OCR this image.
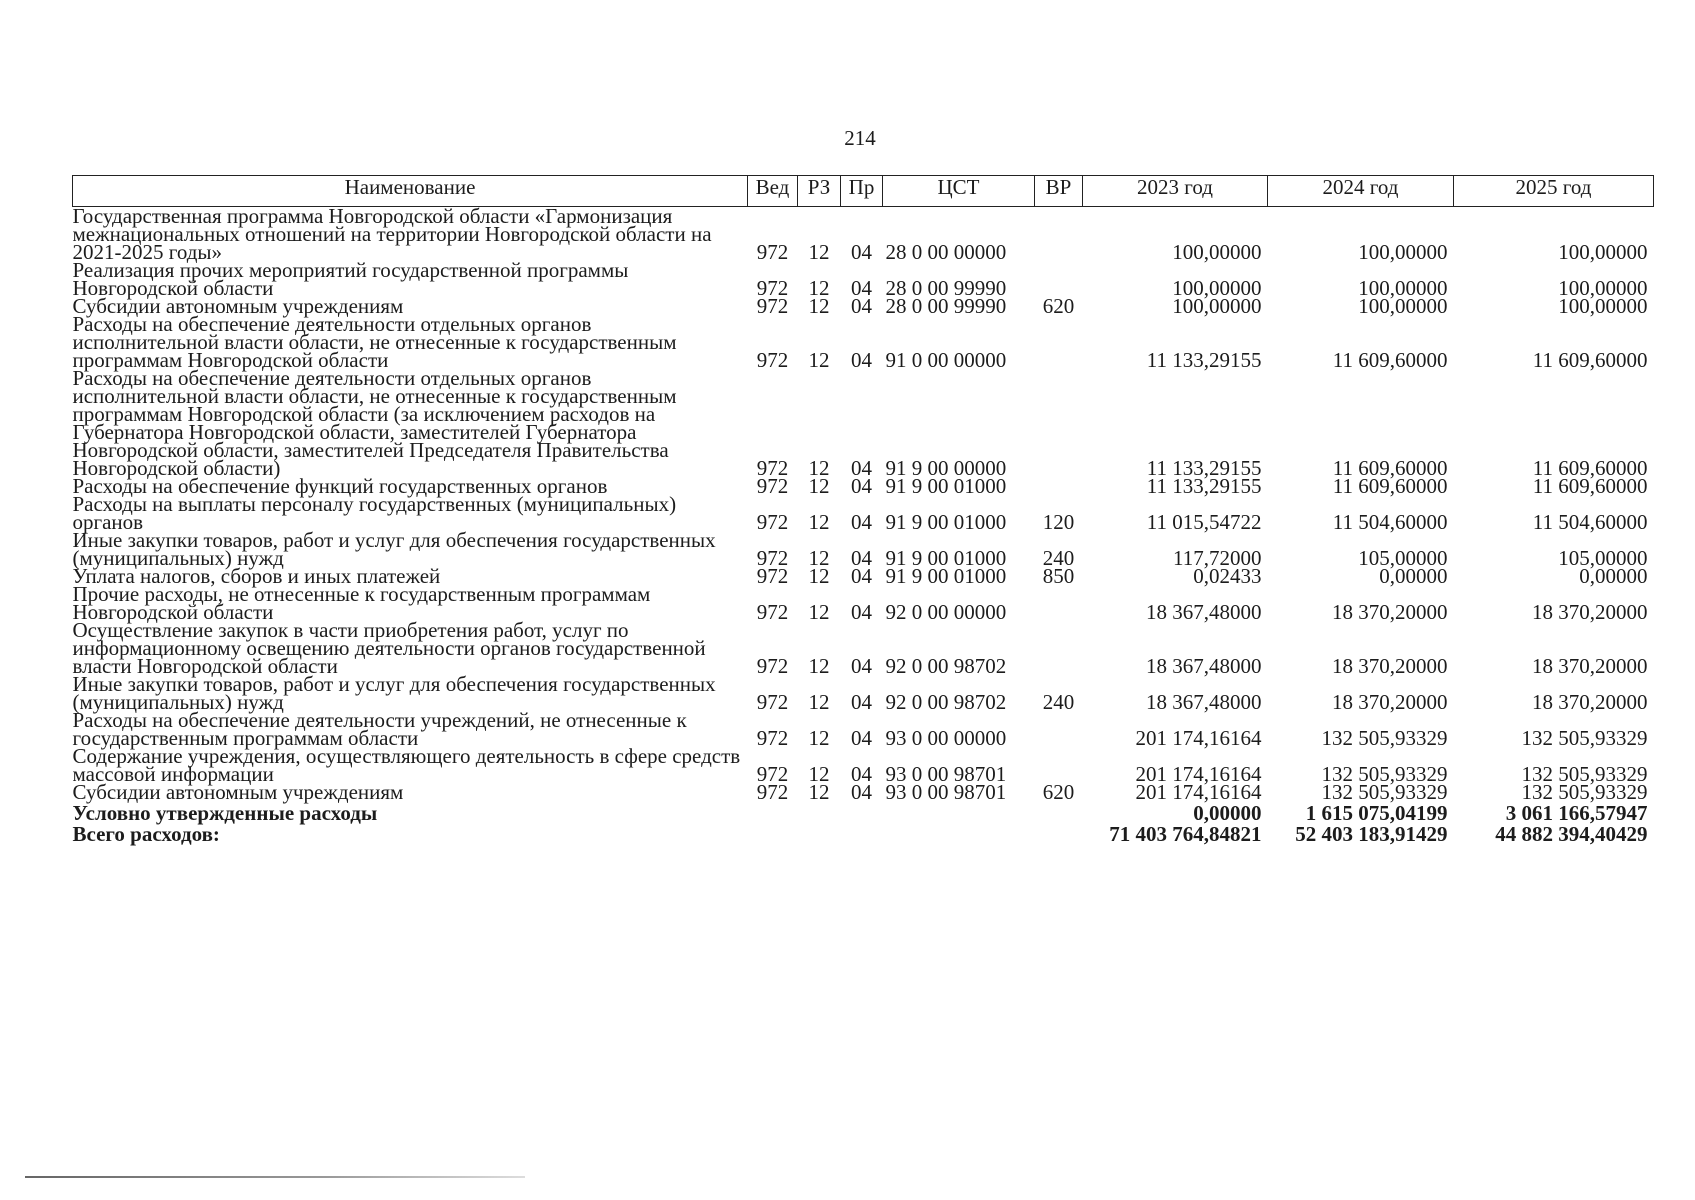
214
Наименование	Вед	РЗ	Пр	ЦСТ	ВР	2023 год	2024 год	2025 год
Государственная программа Новгородской области «Гармонизация межнациональных отношений на территории Новгородской области на 2021-2025 годы»	972	12	04	28 0 00 00000		100,00000	100,00000	100,00000
Реализация прочих мероприятий государственной программы Новгородской области	972	12	04	28 0 00 99990		100,00000	100,00000	100,00000
Субсидии автономным учреждениям	972	12	04	28 0 00 99990	620	100,00000	100,00000	100,00000
Расходы на обеспечение деятельности отдельных органов исполнительной власти области, не отнесенные к государственным программам Новгородской области	972	12	04	91 0 00 00000		11 133,29155	11 609,60000	11 609,60000
Расходы на обеспечение деятельности отдельных органов исполнительной власти области, не отнесенные к государственным программам Новгородской области (за исключением расходов на Губернатора Новгородской области, заместителей Губернатора Новгородской области, заместителей Председателя Правительства Новгородской области)	972	12	04	91 9 00 00000		11 133,29155	11 609,60000	11 609,60000
Расходы на обеспечение функций государственных органов	972	12	04	91 9 00 01000		11 133,29155	11 609,60000	11 609,60000
Расходы на выплаты персоналу государственных (муниципальных) органов	972	12	04	91 9 00 01000	120	11 015,54722	11 504,60000	11 504,60000
Иные закупки товаров, работ и услуг для обеспечения государственных (муниципальных) нужд	972	12	04	91 9 00 01000	240	117,72000	105,00000	105,00000
Уплата налогов, сборов и иных платежей	972	12	04	91 9 00 01000	850	0,02433	0,00000	0,00000
Прочие расходы, не отнесенные к государственным программам Новгородской области	972	12	04	92 0 00 00000		18 367,48000	18 370,20000	18 370,20000
Осуществление закупок в части приобретения работ, услуг по информационному освещению деятельности органов государственной власти Новгородской области	972	12	04	92 0 00 98702		18 367,48000	18 370,20000	18 370,20000
Иные закупки товаров, работ и услуг для обеспечения государственных (муниципальных) нужд	972	12	04	92 0 00 98702	240	18 367,48000	18 370,20000	18 370,20000
Расходы на обеспечение деятельности учреждений, не отнесенные к государственным программам области	972	12	04	93 0 00 00000		201 174,16164	132 505,93329	132 505,93329
Содержание учреждения, осуществляющего деятельность в сфере средств массовой информации	972	12	04	93 0 00 98701		201 174,16164	132 505,93329	132 505,93329
Субсидии автономным учреждениям	972	12	04	93 0 00 98701	620	201 174,16164	132 505,93329	132 505,93329
Условно утвержденные расходы						0,00000	1 615 075,04199	3 061 166,57947
Всего расходов:						71 403 764,84821	52 403 183,91429	44 882 394,40429
